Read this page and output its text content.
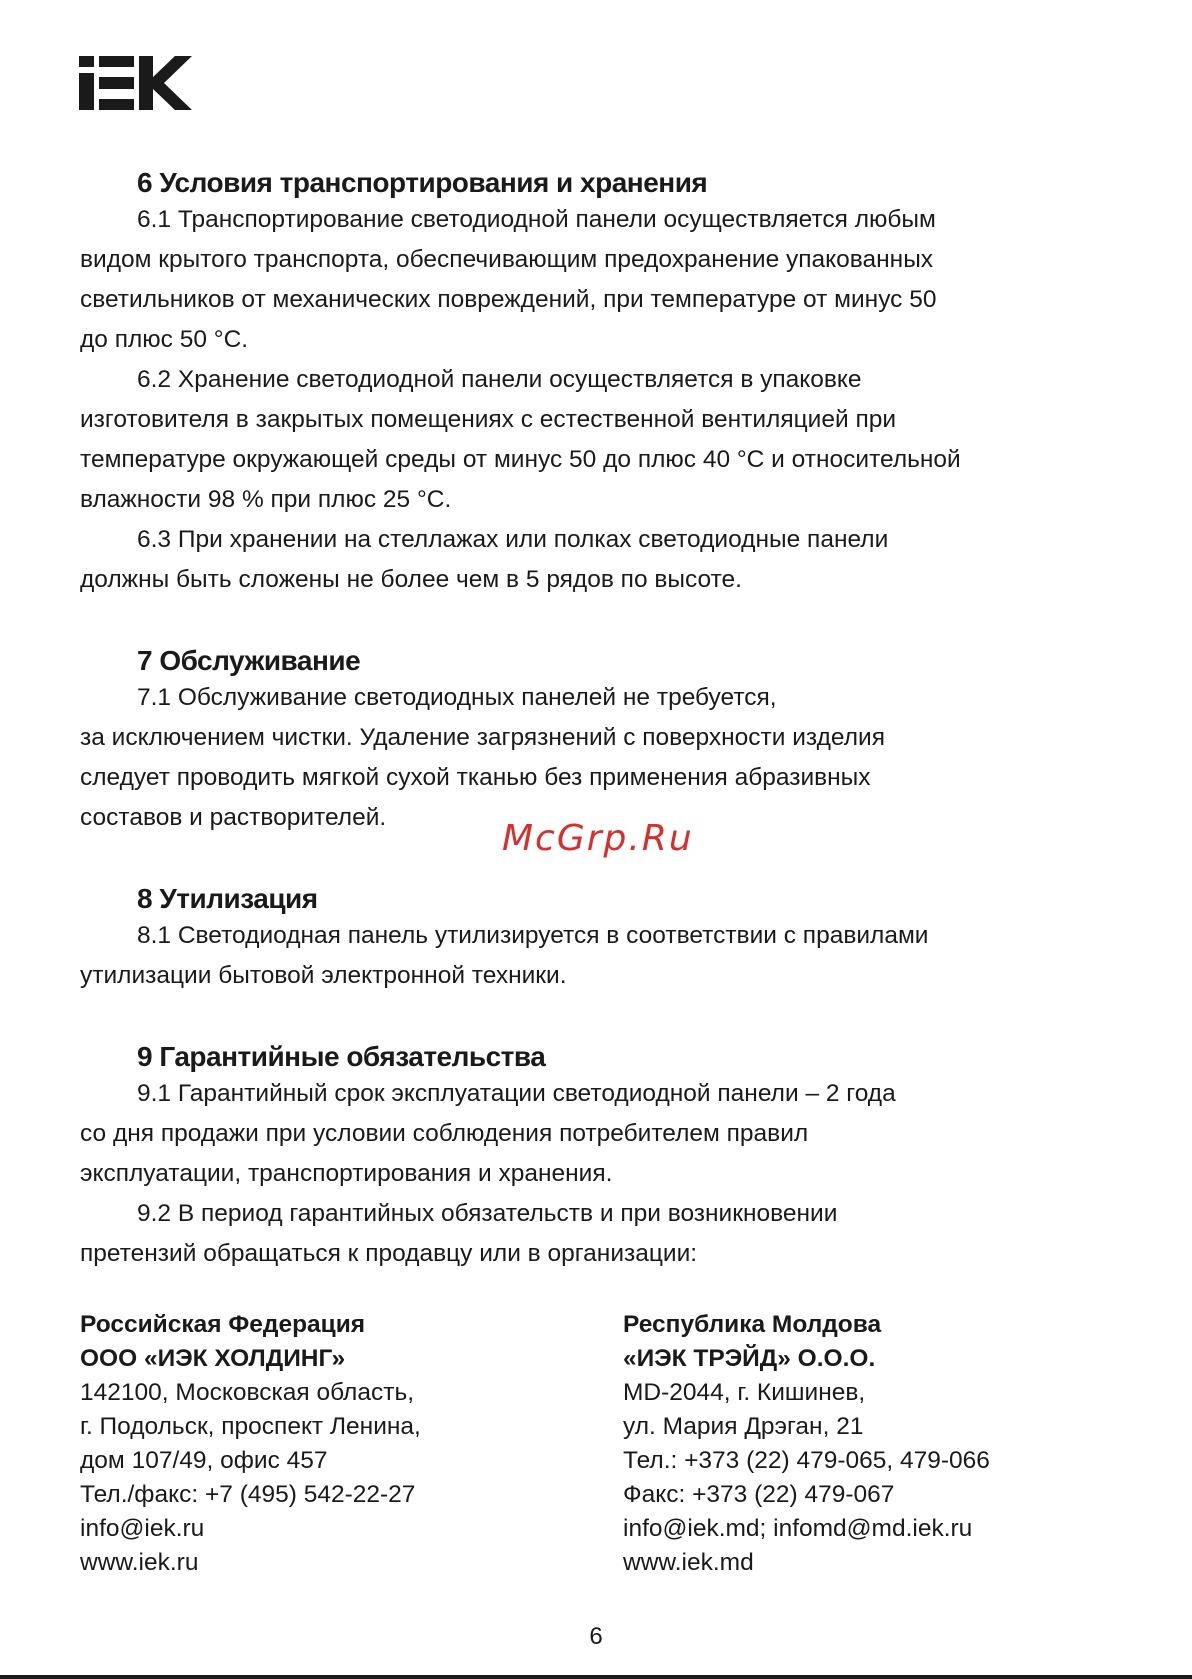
6 Условия транспортирования и хранения
6.1 Транспортирование светодиодной панели осуществляется любым
видом крытого транспорта, обеспечивающим предохранение упакованных
светильников от механических повреждений, при температуре от минус 50
до плюс 50 °С.
6.2 Хранение светодиодной панели осуществляется в упаковке
изготовителя в закрытых помещениях с естественной вентиляцией при
температуре окружающей среды от минус 50 до плюс 40 °С и относительной
влажности 98 % при плюс 25 °С.
6.3 При хранении на стеллажах или полках светодиодные панели
должны быть сложены не более чем в 5 рядов по высоте.
7 Обслуживание
7.1 Обслуживание светодиодных панелей не требуется,
за исключением чистки. Удаление загрязнений с поверхности изделия
следует проводить мягкой сухой тканью без применения абразивных
составов и растворителей.
8 Утилизация
8.1 Светодиодная панель утилизируется в соответствии с правилами
утилизации бытовой электронной техники.
9 Гарантийные обязательства
9.1 Гарантийный срок эксплуатации светодиодной панели – 2 года
со дня продажи при условии соблюдения потребителем правил
эксплуатации, транспортирования и хранения.
9.2 В период гарантийных обязательств и при возникновении
претензий обращаться к продавцу или в организации:
McGrp.Ru
Российская Федерация
ООО «ИЭК ХОЛДИНГ»
142100, Московская область,
г. Подольск, проспект Ленина,
дом 107/49, офис 457
Тел./факс: +7 (495) 542-22-27
info@iek.ru
www.iek.ru
Республика Молдова
«ИЭК ТРЭЙД» О.О.О.
MD-2044, г. Кишинев,
ул. Мария Дрэган, 21
Тел.: +373 (22) 479-065, 479-066
Факс: +373 (22) 479-067
info@iek.md; infomd@md.iek.ru
www.iek.md
6
